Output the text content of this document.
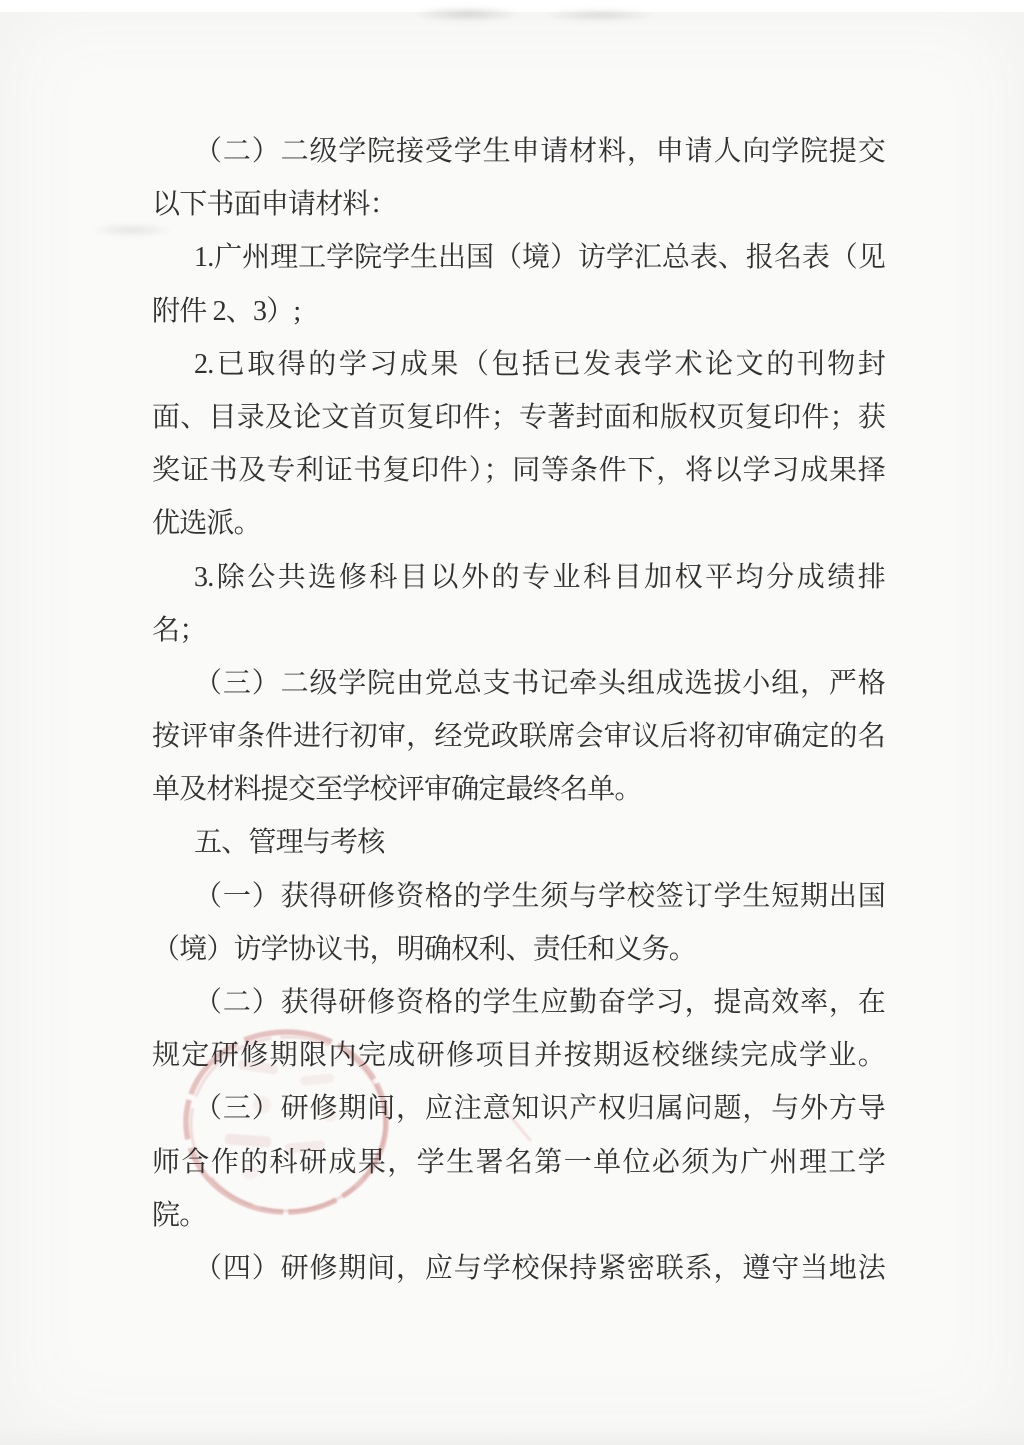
（二）二级学院接受学生申请材料，申请人向学院提交
以下书面申请材料：
1.广州理工学院学生出国（境）访学汇总表、报名表（见
附件 2、3）;
2.已取得的学习成果（包括已发表学术论文的刊物封
面、目录及论文首页复印件；专著封面和版权页复印件；获
奖证书及专利证书复印件）；同等条件下，将以学习成果择
优选派。
3.除公共选修科目以外的专业科目加权平均分成绩排
名；
（三）二级学院由党总支书记牵头组成选拔小组，严格
按评审条件进行初审，经党政联席会审议后将初审确定的名
单及材料提交至学校评审确定最终名单。
五、管理与考核
（一）获得研修资格的学生须与学校签订学生短期出国
（境）访学协议书，明确权利、责任和义务。
（二）获得研修资格的学生应勤奋学习，提高效率，在
规定研修期限内完成研修项目并按期返校继续完成学业。
（三）研修期间，应注意知识产权归属问题，与外方导
师合作的科研成果，学生署名第一单位必须为广州理工学
院。
（四）研修期间，应与学校保持紧密联系，遵守当地法
